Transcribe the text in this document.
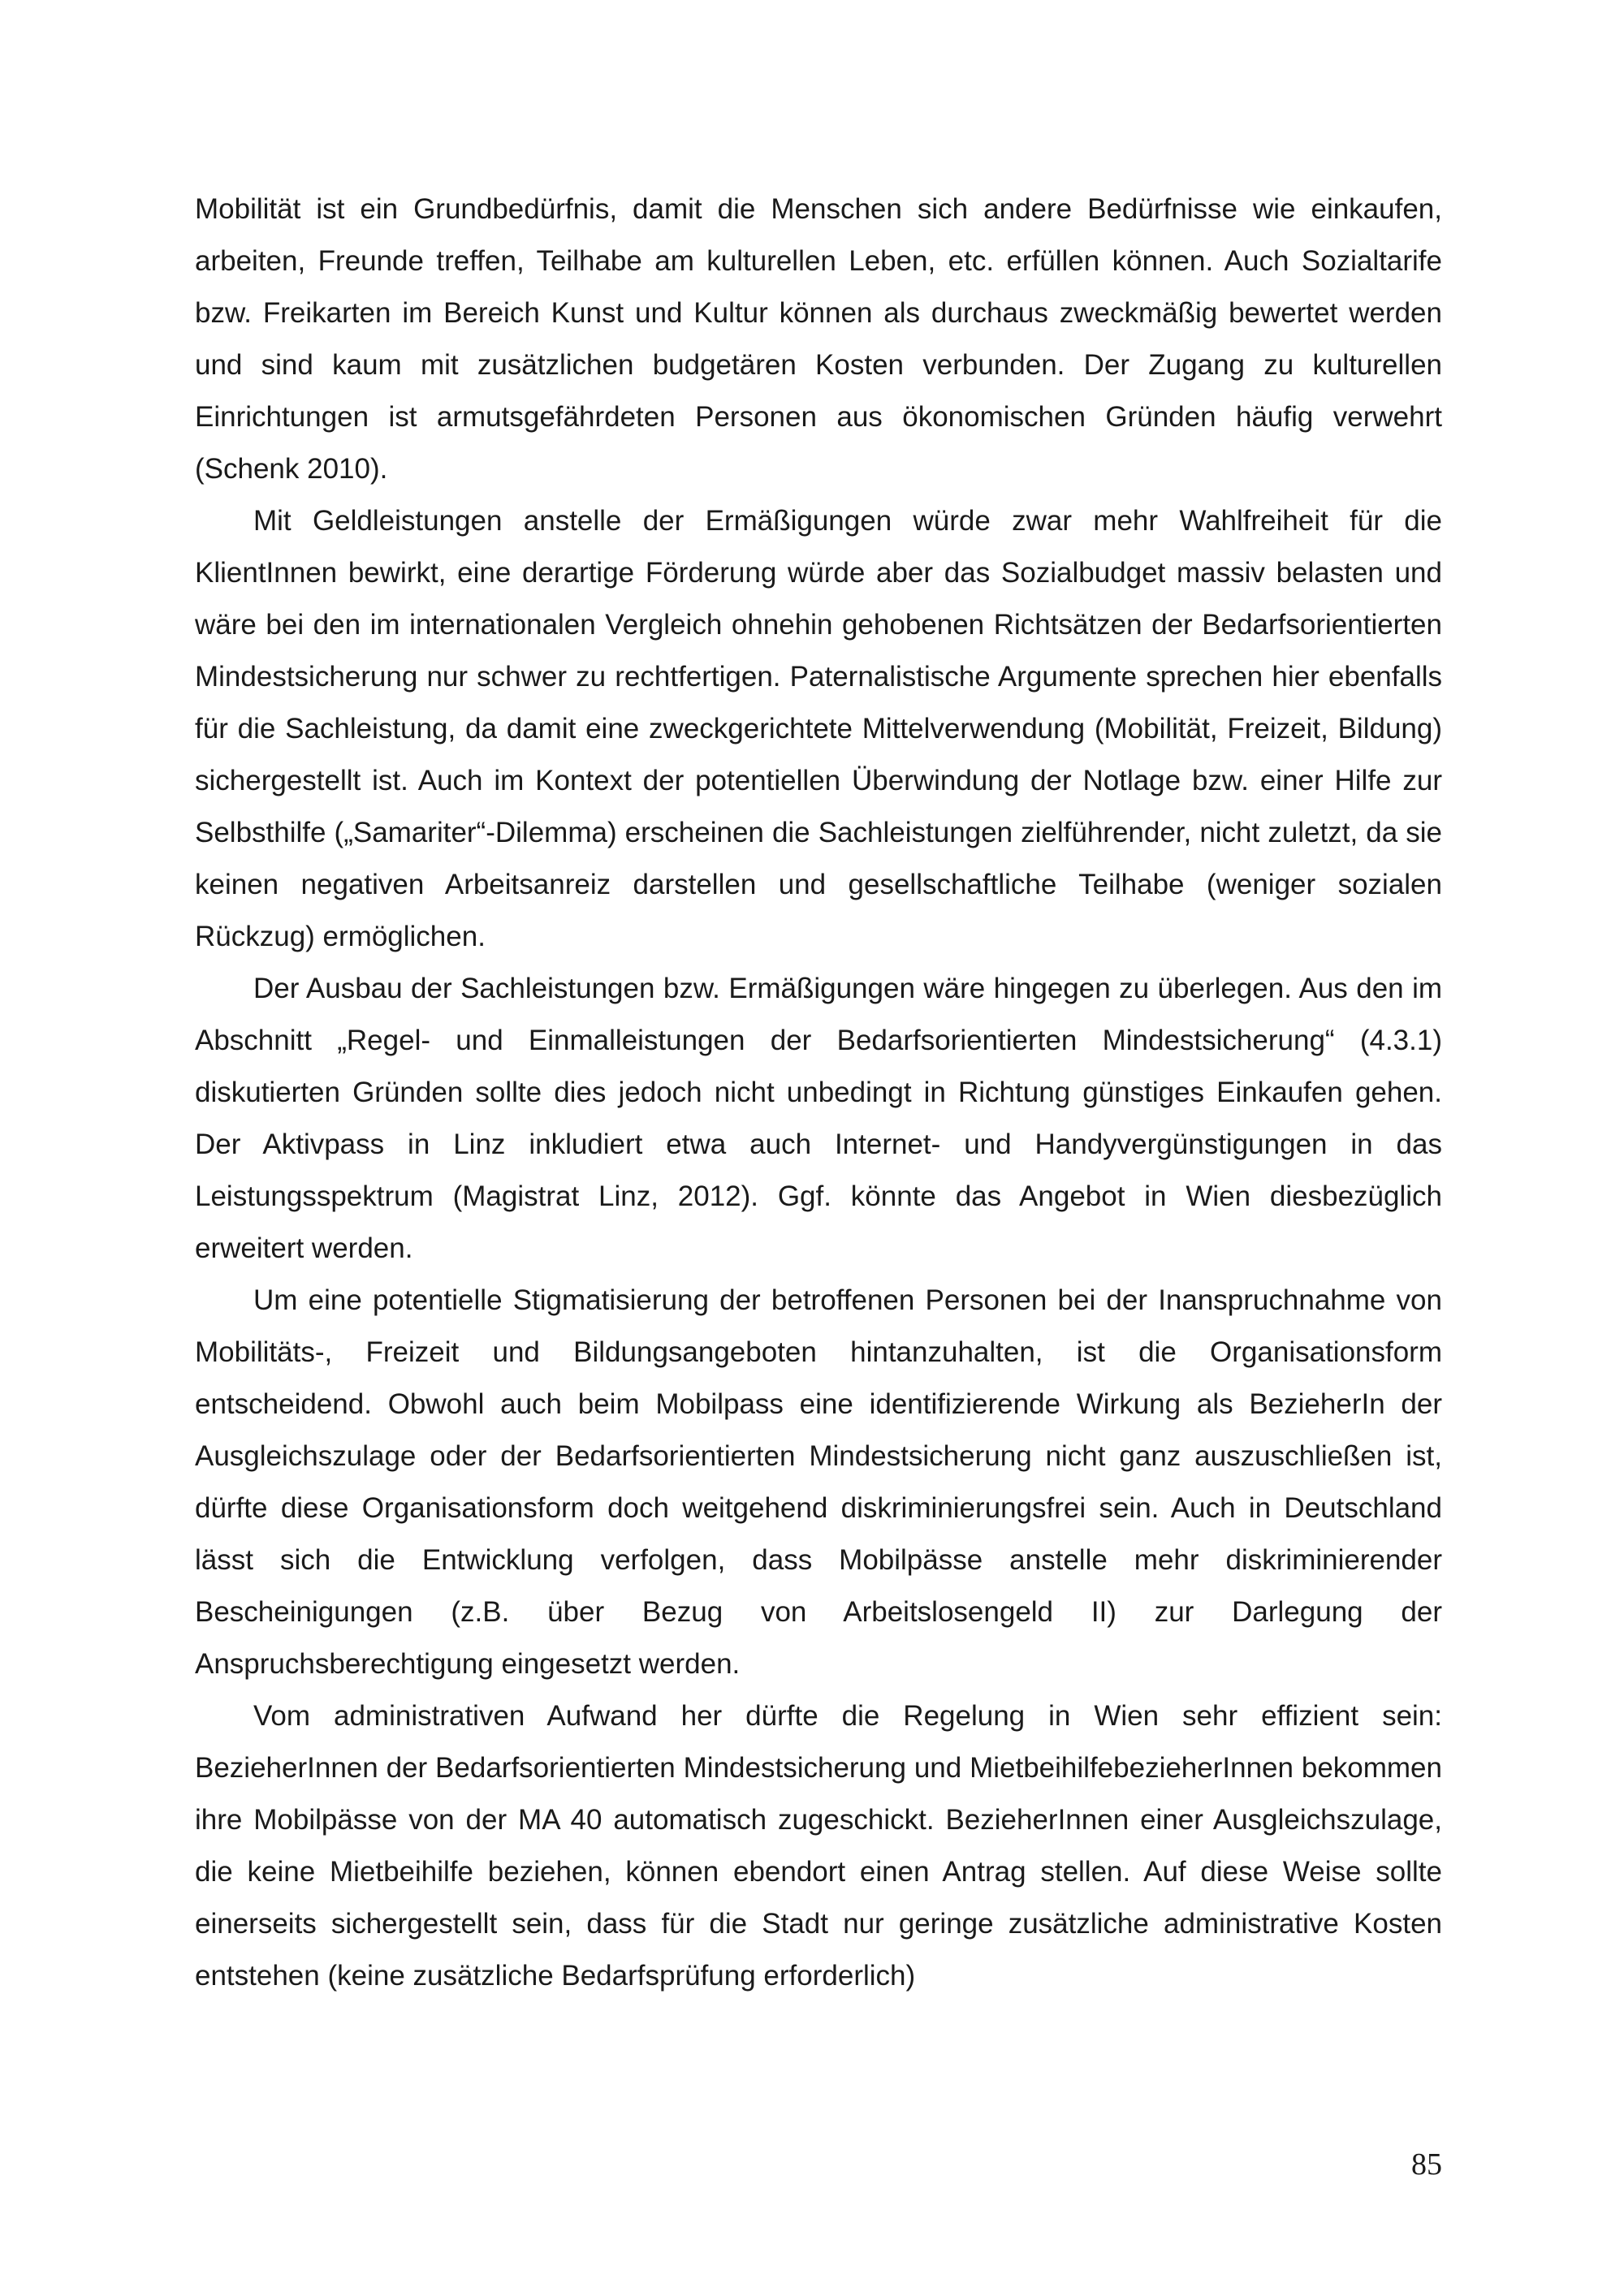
Mobilität ist ein Grundbedürfnis, damit die Menschen sich andere Bedürfnisse wie einkaufen, arbeiten, Freunde treffen, Teilhabe am kulturellen Leben, etc. erfüllen können. Auch Sozialtarife bzw. Freikarten im Bereich Kunst und Kultur können als durchaus zweckmäßig bewertet werden und sind kaum mit zusätzlichen budgetären Kosten verbunden. Der Zugang zu kulturellen Einrichtungen ist armutsgefährdeten Personen aus ökonomischen Gründen häufig verwehrt (Schenk 2010).

Mit Geldleistungen anstelle der Ermäßigungen würde zwar mehr Wahlfreiheit für die KlientInnen bewirkt, eine derartige Förderung würde aber das Sozialbudget massiv belasten und wäre bei den im internationalen Vergleich ohnehin gehobenen Richtsätzen der Bedarfsorientierten Mindestsicherung nur schwer zu rechtfertigen. Paternalistische Argumente sprechen hier ebenfalls für die Sachleistung, da damit eine zweckgerichtete Mittelverwendung (Mobilität, Freizeit, Bildung) sichergestellt ist. Auch im Kontext der potentiellen Überwindung der Notlage bzw. einer Hilfe zur Selbsthilfe („Samariter“-Dilemma) erscheinen die Sachleistungen zielführender, nicht zuletzt, da sie keinen negativen Arbeitsanreiz darstellen und gesellschaftliche Teilhabe (weniger sozialen Rückzug) ermöglichen.

Der Ausbau der Sachleistungen bzw. Ermäßigungen wäre hingegen zu überlegen. Aus den im Abschnitt „Regel- und Einmalleistungen der Bedarfsorientierten Mindestsicherung“ (4.3.1) diskutierten Gründen sollte dies jedoch nicht unbedingt in Richtung günstiges Einkaufen gehen. Der Aktivpass in Linz inkludiert etwa auch Internet- und Handyvergünstigungen in das Leistungsspektrum (Magistrat Linz, 2012). Ggf. könnte das Angebot in Wien diesbezüglich erweitert werden.

Um eine potentielle Stigmatisierung der betroffenen Personen bei der Inanspruchnahme von Mobilitäts-, Freizeit und Bildungsangeboten hintanzuhalten, ist die Organisationsform entscheidend. Obwohl auch beim Mobilpass eine identifizierende Wirkung als BezieherIn der Ausgleichszulage oder der Bedarfsorientierten Mindestsicherung nicht ganz auszuschließen ist, dürfte diese Organisationsform doch weitgehend diskriminierungsfrei sein. Auch in Deutschland lässt sich die Entwicklung verfolgen, dass Mobilpässe anstelle mehr diskriminierender Bescheinigungen (z.B. über Bezug von Arbeitslosengeld II) zur Darlegung der Anspruchsberechtigung eingesetzt werden.

Vom administrativen Aufwand her dürfte die Regelung in Wien sehr effizient sein: BezieherInnen der Bedarfsorientierten Mindestsicherung und MietbeihilfebezieherInnen bekommen ihre Mobilpässe von der MA 40 automatisch zugeschickt. BezieherInnen einer Ausgleichszulage, die keine Mietbeihilfe beziehen, können ebendort einen Antrag stellen. Auf diese Weise sollte einerseits sichergestellt sein, dass für die Stadt nur geringe zusätzliche administrative Kosten entstehen (keine zusätzliche Bedarfsprüfung erforderlich)

85
